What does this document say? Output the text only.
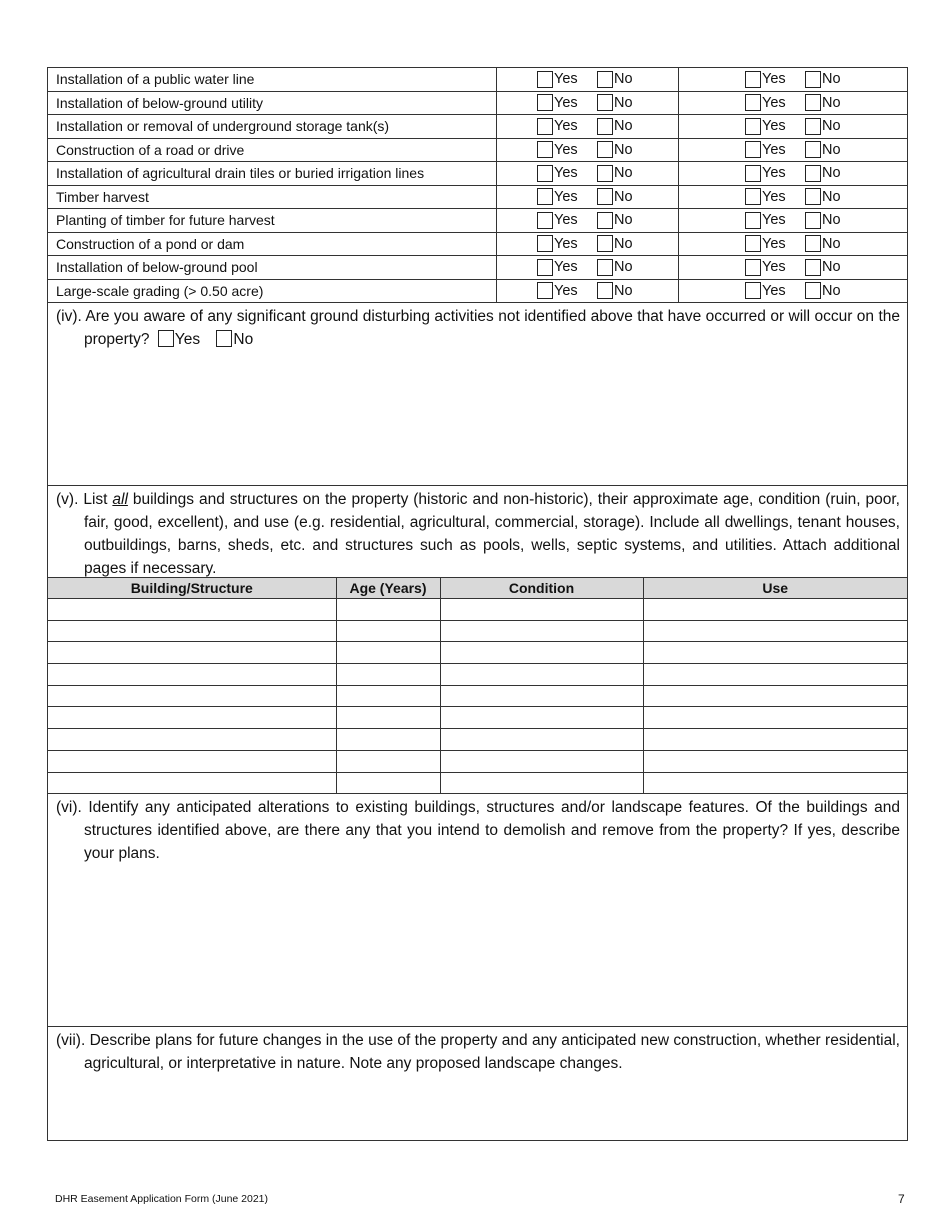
Installation of a public water line	Yes	No	Yes	No
Installation of below-ground utility	Yes	No	Yes	No
Installation or removal of underground storage tank(s)	Yes	No	Yes	No
Construction of a road or drive	Yes	No	Yes	No
Installation of agricultural drain tiles or buried irrigation lines	Yes	No	Yes	No
Timber harvest	Yes	No	Yes	No
Planting of timber for future harvest	Yes	No	Yes	No
Construction of a pond or dam	Yes	No	Yes	No
Installation of below-ground pool	Yes	No	Yes	No
Large-scale grading (> 0.50 acre)	Yes	No	Yes	No
(iv). Are you aware of any significant ground disturbing activities not identified above that have occurred or will occur on the property? Yes No
(v). List all buildings and structures on the property (historic and non-historic), their approximate age, condition (ruin, poor, fair, good, excellent), and use (e.g. residential, agricultural, commercial, storage). Include all dwellings, tenant houses, outbuildings, barns, sheds, etc. and structures such as pools, wells, septic systems, and utilities. Attach additional pages if necessary.
Building/Structure	Age (Years)	Condition	Use

(vi). Identify any anticipated alterations to existing buildings, structures and/or landscape features. Of the buildings and structures identified above, are there any that you intend to demolish and remove from the property? If yes, describe your plans.
(vii). Describe plans for future changes in the use of the property and any anticipated new construction, whether residential, agricultural, or interpretative in nature. Note any proposed landscape changes.
DHR Easement Application Form (June 2021)	7
